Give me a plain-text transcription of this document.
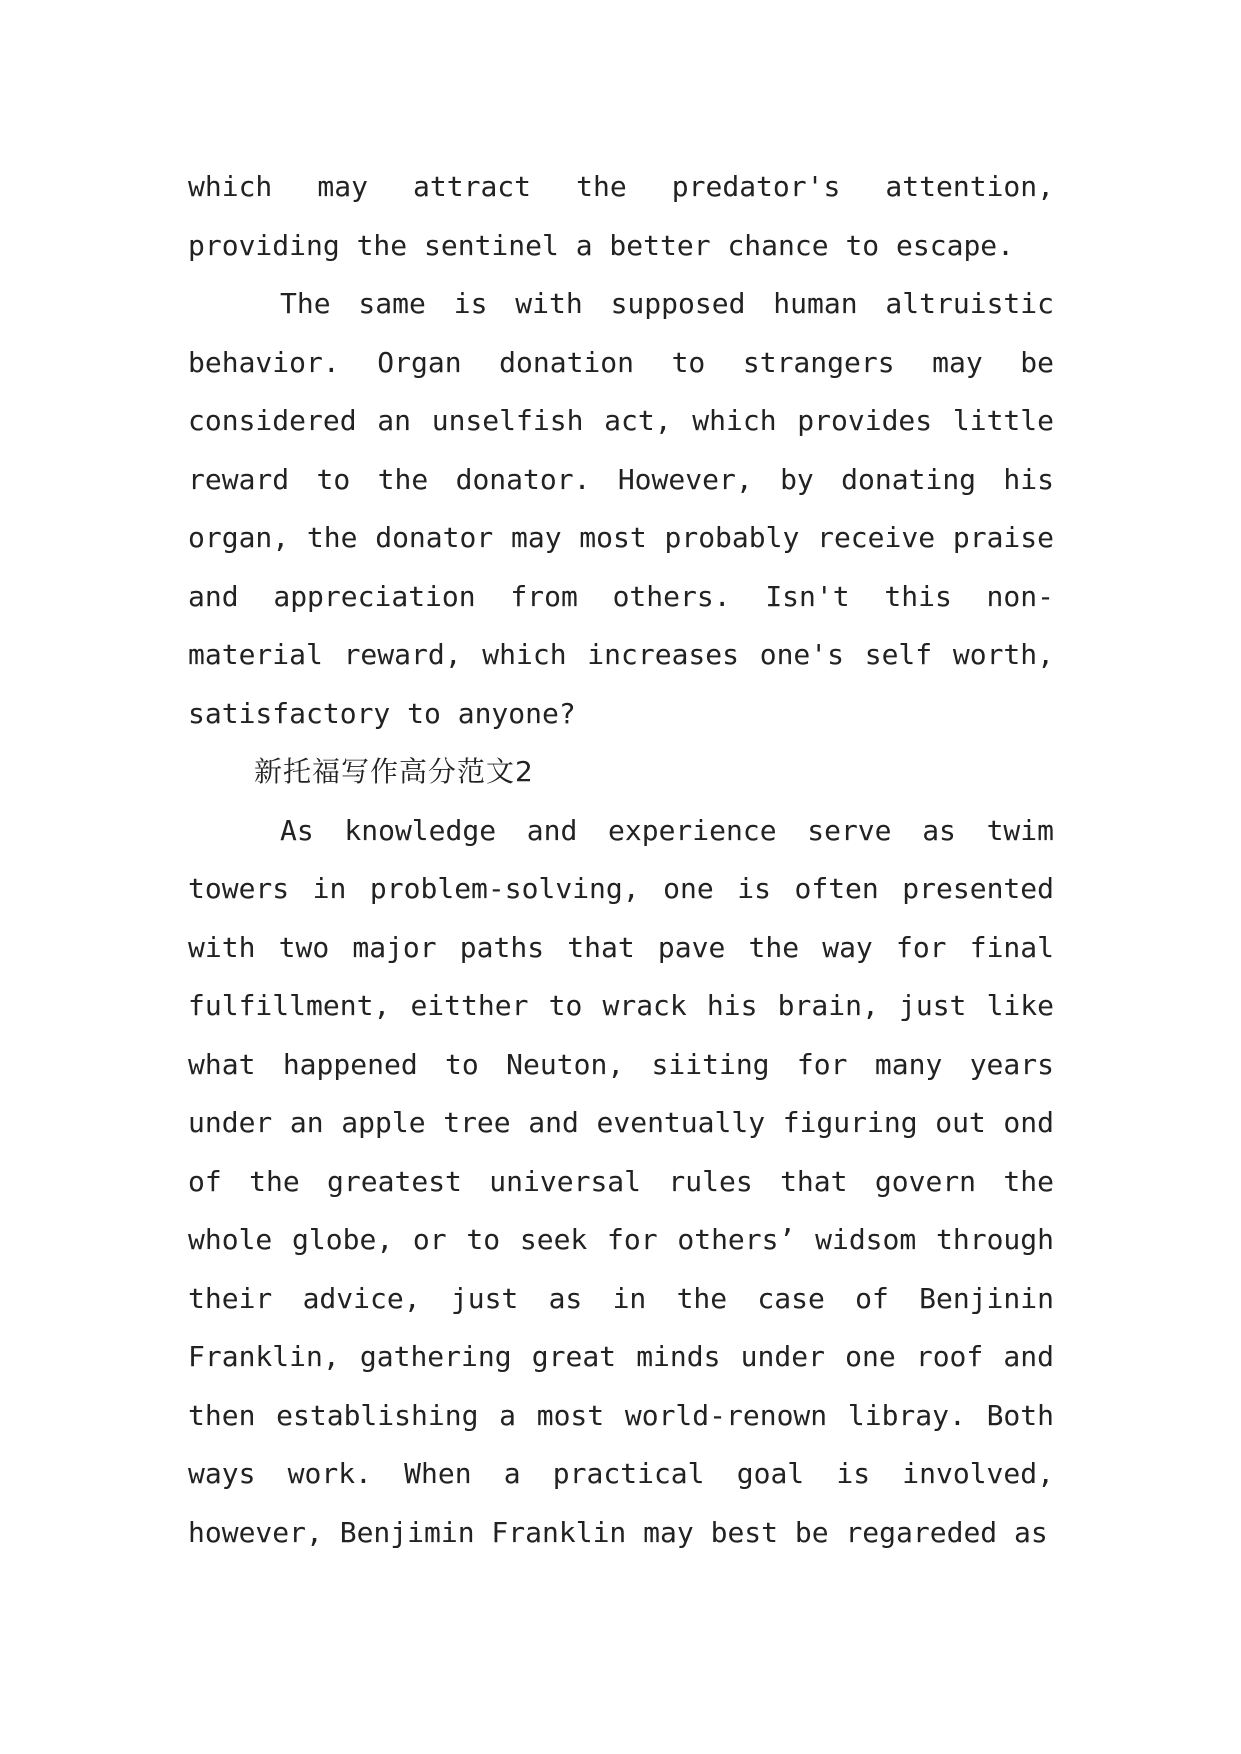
which may attract the predator's attention, providing the sentinel a better chance to escape.

The same is with supposed human altruistic behavior. Organ donation to strangers may be considered an unselfish act, which provides little reward to the donator. However, by donating his organ, the donator may most probably receive praise and appreciation from others. Isn't this non-material reward, which increases one's self worth, satisfactory to anyone?

新托福写作高分范文2

As knowledge and experience serve as twim towers in problem-solving, one is often presented with two major paths that pave the way for final fulfillment, eitther to wrack his brain, just like what happened to Neuton, siiting for many years under an apple tree and eventually figuring out ond of the greatest universal rules that govern the whole globe, or to seek for others’ widsom through their advice, just as in the case of Benjinin Franklin, gathering great minds under one roof and then establishing a most world-renown libray. Both ways work. When a practical goal is involved, however, Benjimin Franklin may best be regareded as
